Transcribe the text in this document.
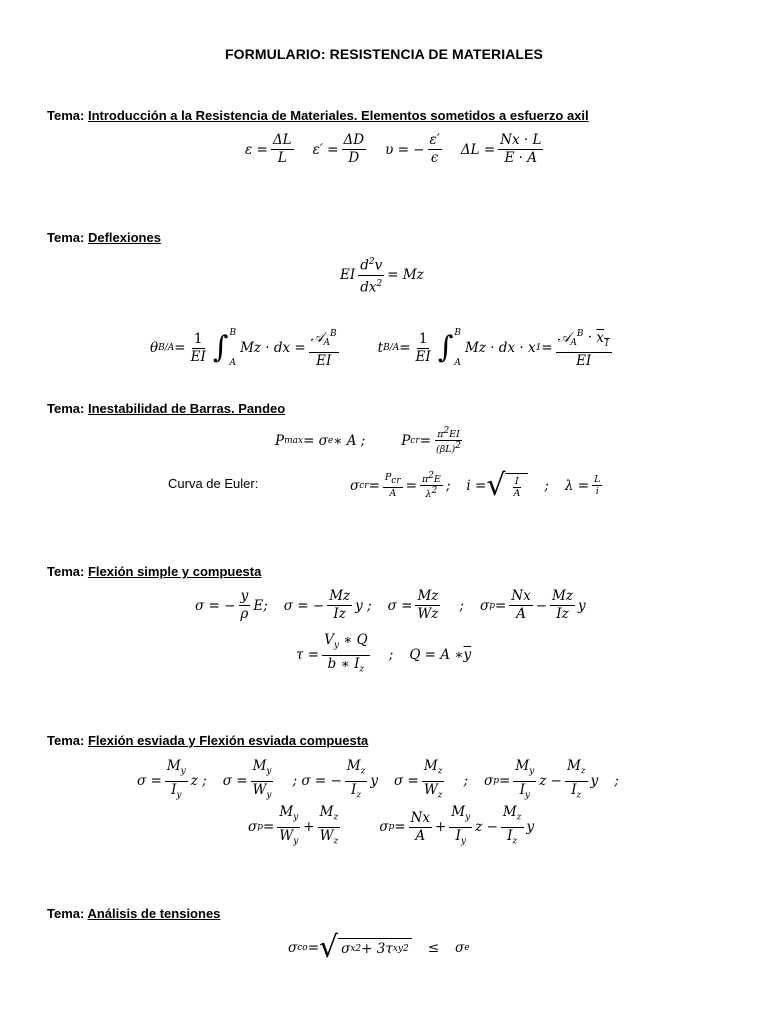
FORMULARIO: RESISTENCIA DE MATERIALES
Tema: Introducción a la Resistencia de Materiales. Elementos sometidos a esfuerzo axil
ε =
ΔL
L
ε′ =
ΔD
D
υ = −
ε′
ϵ
ΔL =
Nx · L
E · A
Tema: Deflexiones
EI
$d^2v$
$dx^2$
= Mz
θ B/A =
1
EI ∫ B
A
Mz · dx =
𝒜$_A^B$
EI
t B/A =
1
EI ∫ B
A
Mz · dx · x 1 =
𝒜$_A^B$ · $x_1$
EI
Tema: Inestabilidad de Barras. Pandeo
P max = σ e ∗ A ;	P cr = $\pi^2EI$
$(\beta L)^2$
Curva de Euler:	σ cr = $P_{cr}$
$A = \pi^2E$
$\lambda^2$ ;
i = √ I
A ;
λ = L
i
Tema: Flexión simple y compuesta
σ = −
y
ρ
E;
σ = −
Mz
Iz
y ;
σ =
Mz
Wz
;
σ p =
Nx
A
−
Mz
Iz
y
τ =
$V_y$ ∗ Q
b ∗ $I_z$
;
Q = A ∗ $\overline{y}$
Tema: Flexión esviada y Flexión esviada compuesta
σ =
$M_y$
$I_y$
z ;
σ =
$M_y$
$W_y$
; σ = −
$M_z$
$I_z$
y
σ =
$M_z$
$W_z$
;
σ p =
$M_y$
$I_y$
z −
$M_z$
$I_z$
y ;
σ p =
$M_y$
$W_y$
+
$M_z$
$W_z$
σ p =
Nx
A
+
$M_y$
$I_y$
z −
$M_z$
$I_z$
y
Tema: Análisis de tensiones
σ co = √ σ x 2 + 3τ xy 2 ≤ σ e
